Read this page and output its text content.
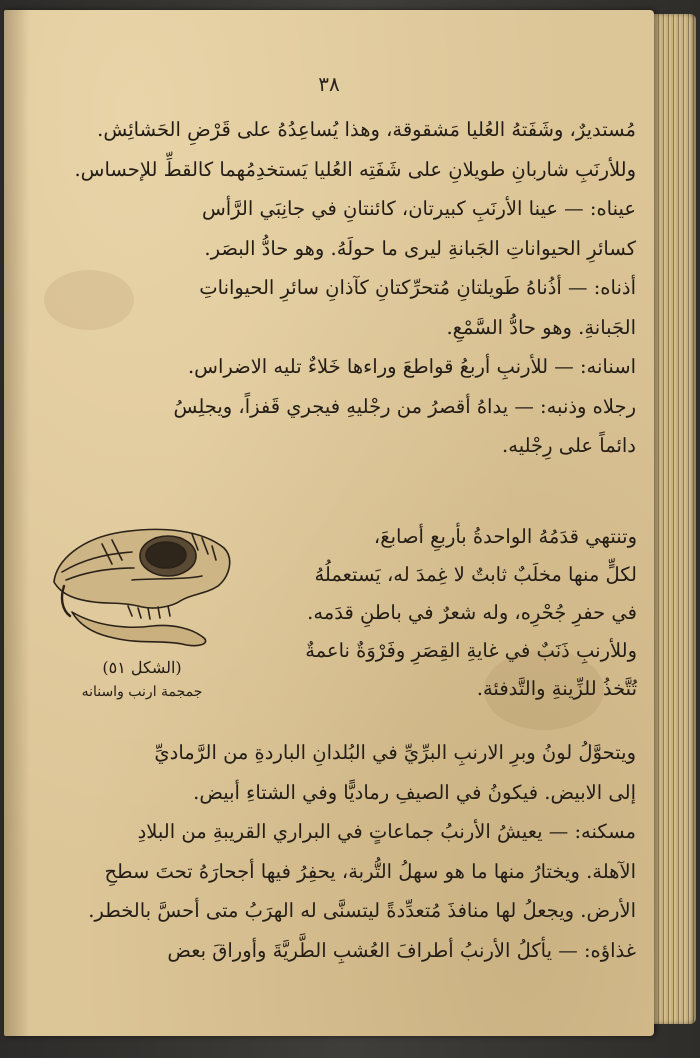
٣٨
مُستديرٌ، وشَفَتهُ العُليا مَشقوقة، وهذا يُساعِدُهُ على قَرْضِ الحَشائِش.
وللأرنَبِ شاربانِ طويلانِ على شَفَتِه العُليا يَستخدِمُهما كالقطِّ للإحساس.
عيناه: — عينا الأرنَبِ كبيرتان، كائنتانِ في جانِبَي الرَّأس
كسائرِ الحيواناتِ الجَبانةِ ليرى ما حولَهُ. وهو حادُّ البصَر.
أذناه: — أذُناهُ طَويلتانِ مُتحرِّكتانِ كآذانِ سائرِ الحيواناتِ
الجَبانةِ. وهو حادُّ السَّمْعِ.
اسنانه: — للأرنبِ أربعُ قواطعَ وراءها خَلاءٌ تليه الاضراس.
رجلاه وذنبه: — يداهُ أقصرُ من رجْليهِ فيجري قَفزاً، ويجلِسُ
دائماً على رِجْليه.
(الشكل ٥١)
جمجمة ارنب واسنانه
وتنتهي قدَمُهُ الواحدةُ بأربعِ أصابعَ،
لكلٍّ منها مخلَبٌ ثابتٌ لا غِمدَ له، يَستعملُهُ
في حفرِ جُحْرِه، وله شعرٌ في باطنِ قدَمه.
وللأرنبِ ذَنَبٌ في غايةِ القِصَرِ وفَرْوَةٌ ناعمةٌ
تُتَّخذُ للزِّينةِ والتَّدفئة.
ويتحوَّلُ لونُ وبرِ الارنبِ البرِّيِّ في البُلدانِ الباردةِ من الرَّماديِّ
إلى الابيض. فيكونُ في الصيفِ رماديًّا وفي الشتاءِ أبيض.
مسكنه: — يعيشُ الأرنبُ جماعاتٍ في البراري القريبةِ من البلادِ
الآهلة. ويختارُ منها ما هو سهلُ التُّربة، يحفِرُ فيها أجحارَهُ تحتَ سطحِ
الأرض. ويجعلُ لها منافذَ مُتعدِّدةً ليتسنَّى له الهرَبُ متى أحسَّ بالخطر.
غذاؤه: — يأكلُ الأرنبُ أطرافَ العُشبِ الطَّريَّةَ وأوراقَ بعض
